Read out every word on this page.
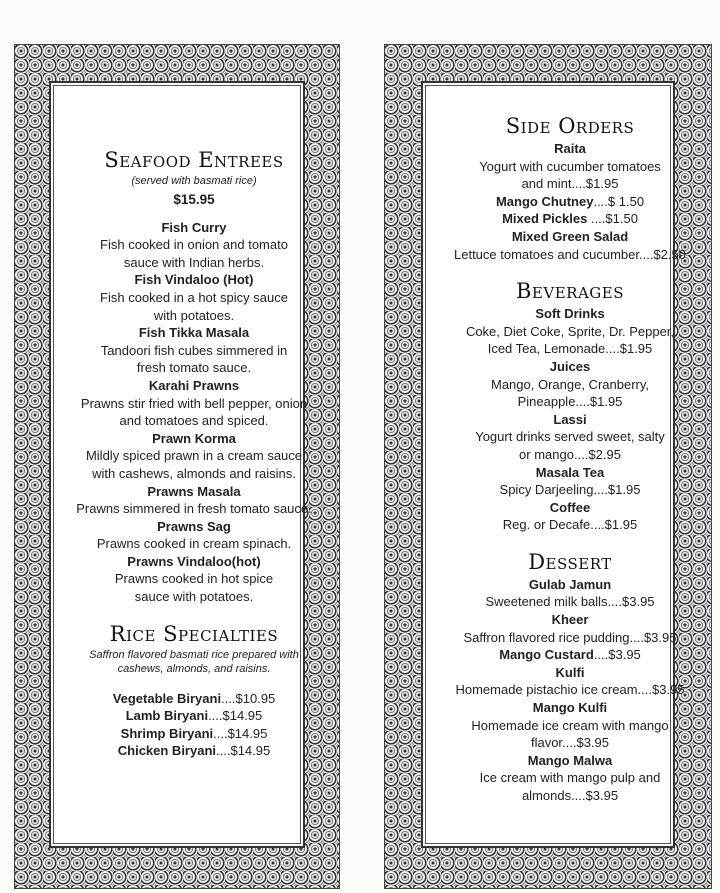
Seafood Entrees
(served with basmati rice)
$15.95
Fish Curry
Fish cooked in onion and tomato
sauce with Indian herbs.
Fish Vindaloo (Hot)
Fish cooked in a hot spicy sauce
with potatoes.
Fish Tikka Masala
Tandoori fish cubes simmered in
fresh tomato sauce.
Karahi Prawns
Prawns stir fried with bell pepper, onion
and tomatoes and spiced.
Prawn Korma
Mildly spiced prawn in a cream sauce
with cashews, almonds and raisins.
Prawns Masala
Prawns simmered in fresh tomato sauce.
Prawns Sag
Prawns cooked in cream spinach.
Prawns Vindaloo(hot)
Prawns cooked in hot spice
sauce with potatoes.
Rice Specialties
Saffron flavored basmati rice prepared with
cashews, almonds, and raisins.
Vegetable Biryani....$10.95
Lamb Biryani....$14.95
Shrimp Biryani....$14.95
Chicken Biryani....$14.95
Side Orders
Raita
Yogurt with cucumber tomatoes
and mint....$1.95
Mango Chutney....$ 1.50
Mixed Pickles ....$1.50
Mixed Green Salad
Lettuce tomatoes and cucumber....$2.50
Beverages
Soft Drinks
Coke, Diet Coke, Sprite, Dr. Pepper,
Iced Tea, Lemonade....$1.95
Juices
Mango, Orange, Cranberry,
Pineapple....$1.95
Lassi
Yogurt drinks served sweet, salty
or mango....$2.95
Masala Tea
Spicy Darjeeling....$1.95
Coffee
Reg. or Decafe....$1.95
Dessert
Gulab Jamun
Sweetened milk balls....$3.95
Kheer
Saffron flavored rice pudding....$3.95
Mango Custard....$3.95
Kulfi
Homemade pistachio ice cream....$3.95
Mango Kulfi
Homemade ice cream with mango
flavor....$3.95
Mango Malwa
Ice cream with mango pulp and
almonds....$3.95
